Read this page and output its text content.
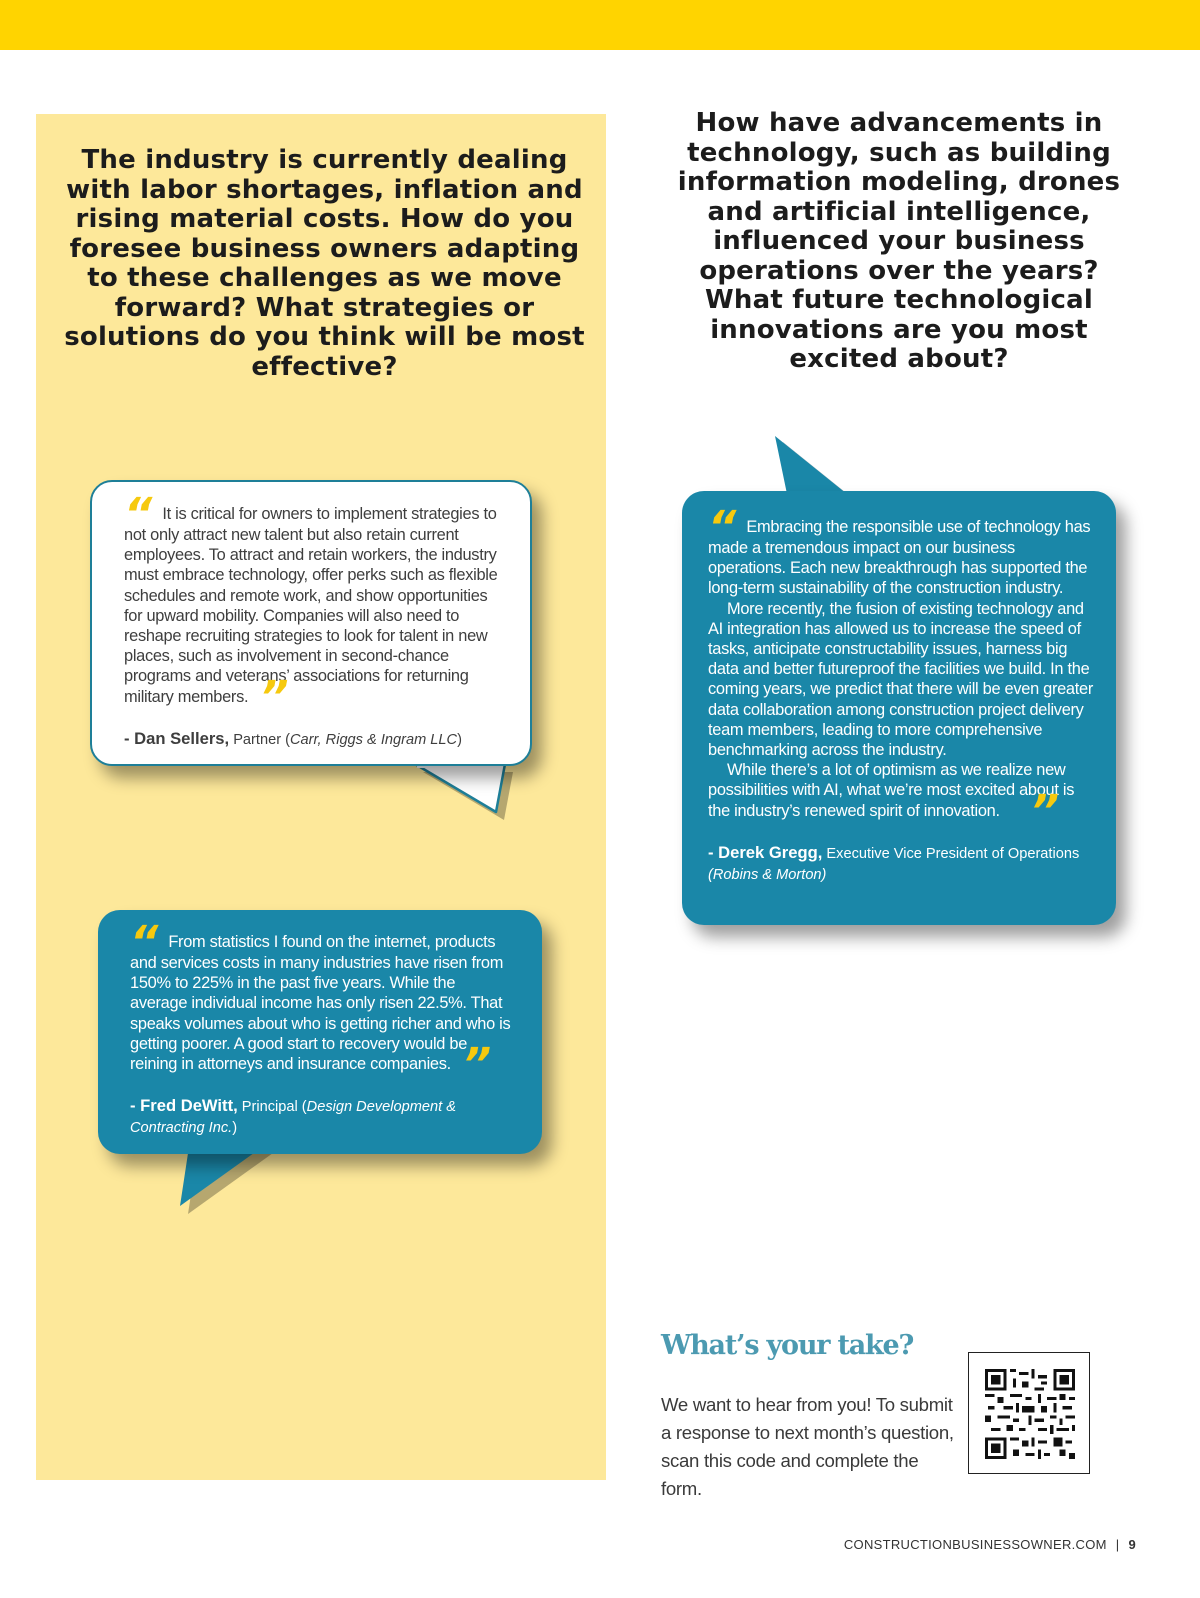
The industry is currently dealing with labor shortages, inflation and rising material costs. How do you foresee business owners adapting to these challenges as we move forward? What strategies or solutions do you think will be most effective?
How have advancements in technology, such as building information modeling, drones and artificial intelligence, influenced your business operations over the years? What future technological innovations are you most excited about?

“ It is critical for owners to implement strategies to not only attract new talent but also retain current employees. To attract and retain workers, the industry must embrace technology, offer perks such as flexible schedules and remote work, and show opportunities for upward mobility. Companies will also need to reshape recruiting strategies to look for talent in new places, such as involvement in second-chance programs and veterans’ associations for returning military members. ”

- Dan Sellers, Partner (Carr, Riggs & Ingram LLC)

“ From statistics I found on the internet, products and services costs in many industries have risen from 150% to 225% in the past five years. While the average individual income has only risen 22.5%. That speaks volumes about who is getting richer and who is getting poorer. A good start to recovery would be reining in attorneys and insurance companies. ”

- Fred DeWitt, Principal (Design Development & Contracting Inc.)

“ Embracing the responsible use of technology has made a tremendous impact on our business operations. Each new breakthrough has supported the long-term sustainability of the construction industry.
More recently, the fusion of existing technology and AI integration has allowed us to increase the speed of tasks, anticipate constructability issues, harness big data and better futureproof the facilities we build. In the coming years, we predict that there will be even greater data collaboration among construction project delivery team members, leading to more comprehensive benchmarking across the industry.
While there’s a lot of optimism as we realize new possibilities with AI, what we’re most excited about is the industry’s renewed spirit of innovation. ”

- Derek Gregg, Executive Vice President of Operations
(Robins & Morton)

What’s your take?

We want to hear from you! To submit a response to next month’s question, scan this code and complete the form.

CONSTRUCTIONBUSINESSOWNER.COM | 9
